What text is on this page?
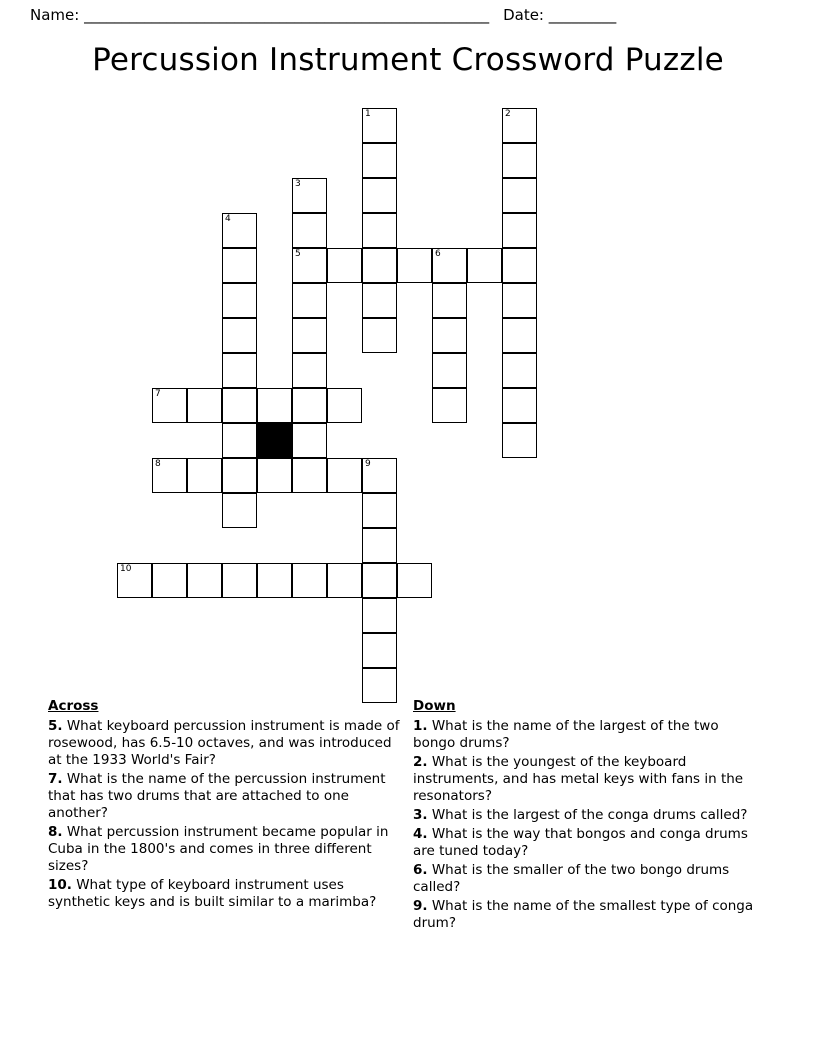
Name: ______________________________________________________ Date: _________
Percussion Instrument Crossword Puzzle
1	2
3
4
5	6
7
8	9
10
Across
5. What keyboard percussion instrument is made of rosewood, has 6.5-10 octaves, and was introduced at the 1933 World's Fair?
7. What is the name of the percussion instrument that has two drums that are attached to one another?
8. What percussion instrument became popular in Cuba in the 1800's and comes in three different sizes?
10. What type of keyboard instrument uses synthetic keys and is built similar to a marimba?
Down
1. What is the name of the largest of the two bongo drums?
2. What is the youngest of the keyboard instruments, and has metal keys with fans in the resonators?
3. What is the largest of the conga drums called?
4. What is the way that bongos and conga drums are tuned today?
6. What is the smaller of the two bongo drums called?
9. What is the name of the smallest type of conga drum?
